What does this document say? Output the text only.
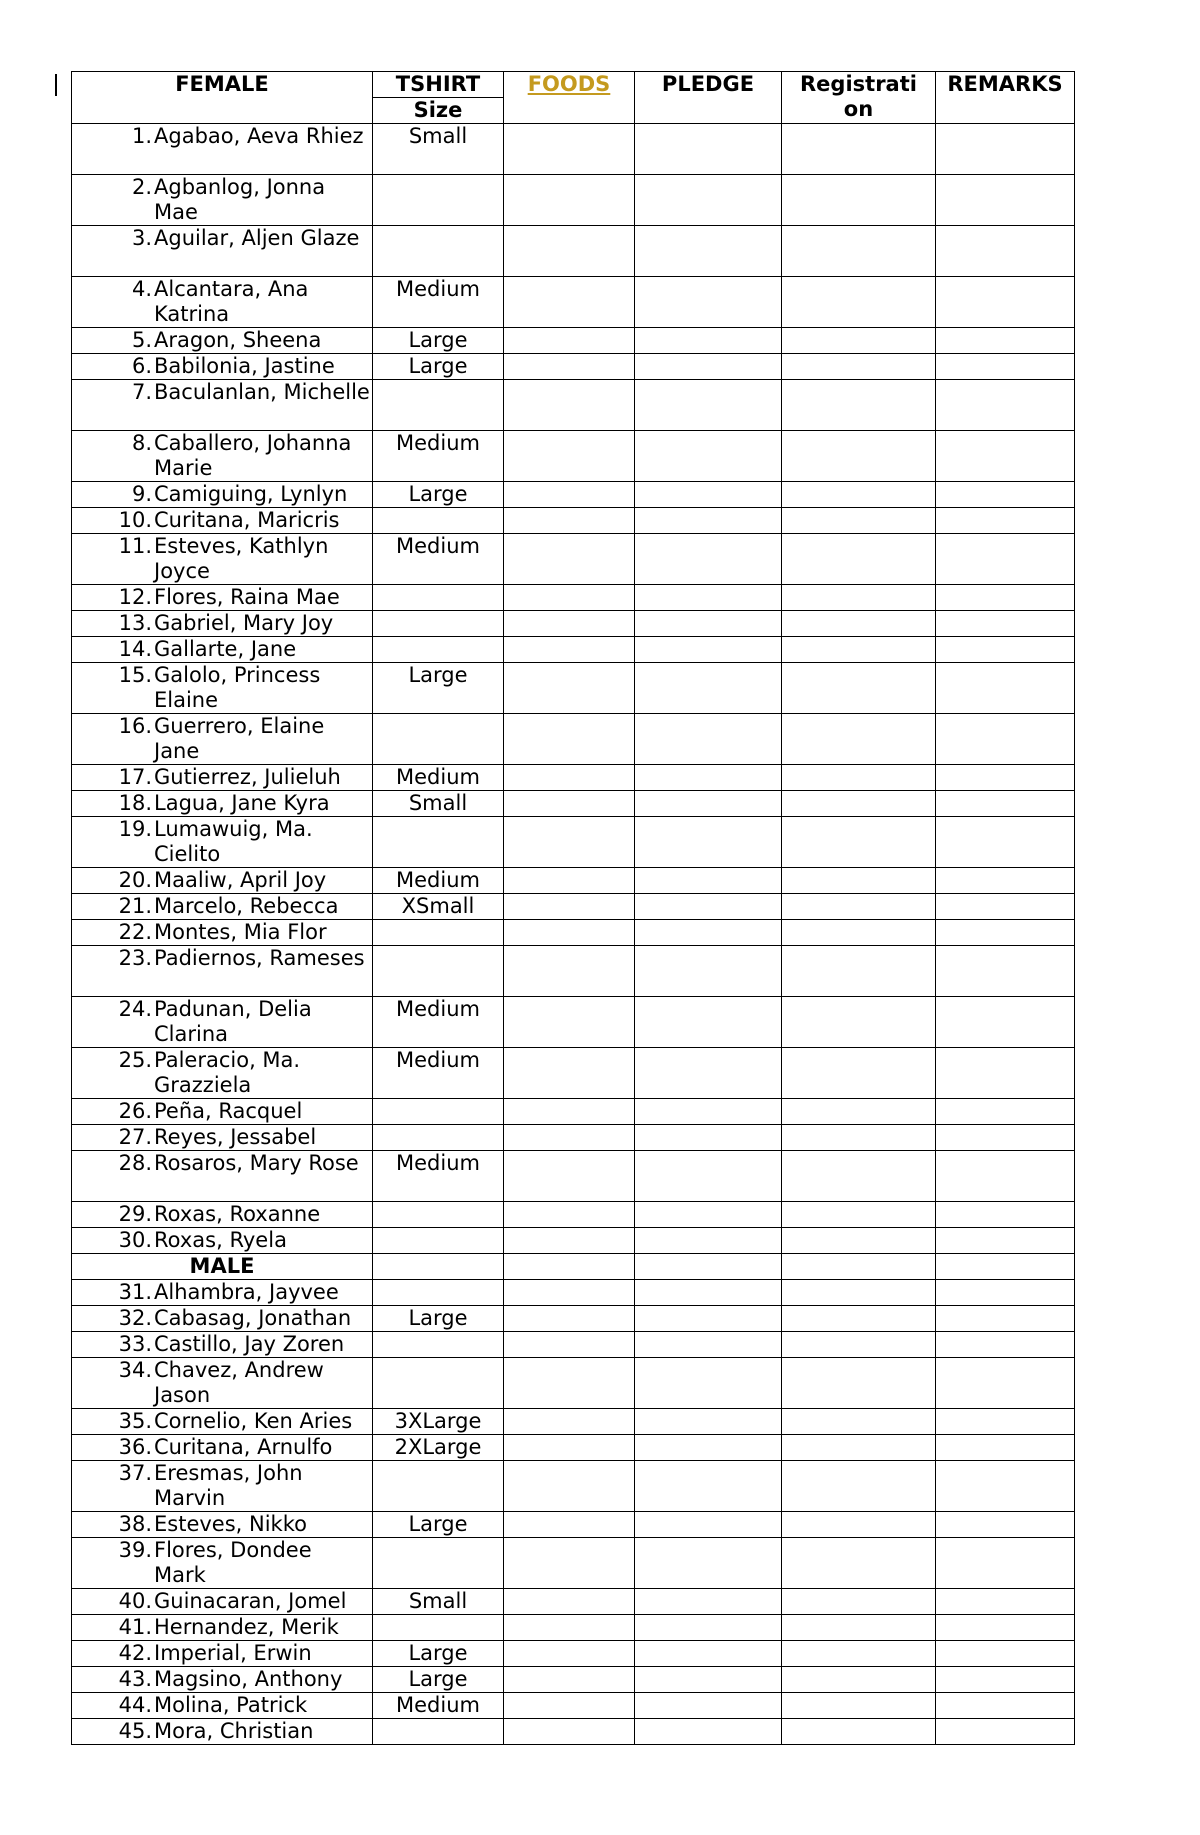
FEMALE	TSHIRT
Size	FOODS	PLEDGE	Registrati on	REMARKS

1. Agabao, Aeva Rhiez	Small				

2. Agbanlog, Jonna Mae					

3. Aguilar, Aljen Glaze					

4. Alcantara, Ana Katrina	Medium				

5. Aragon, Sheena	Large				

6. Babilonia, Jastine	Large				

7. Baculanlan, Michelle					

8. Caballero, Johanna Marie	Medium				

9. Camiguing, Lynlyn	Large				

10. Curitana, Maricris					

11. Esteves, Kathlyn Joyce	Medium				

12. Flores, Raina Mae					

13. Gabriel, Mary Joy					

14. Gallarte, Jane					

15. Galolo, Princess Elaine	Large				

16. Guerrero, Elaine Jane					

17. Gutierrez, Julieluh	Medium				

18. Lagua, Jane Kyra	Small				

19. Lumawuig, Ma. Cielito					

20. Maaliw, April Joy	Medium				

21. Marcelo, Rebecca	XSmall				

22. Montes, Mia Flor					

23. Padiernos, Rameses					

24. Padunan, Delia Clarina	Medium				

25. Paleracio, Ma. Grazziela	Medium				

26. Peña, Racquel					

27. Reyes, Jessabel					

28. Rosaros, Mary Rose	Medium				

29. Roxas, Roxanne					

30. Roxas, Ryela					
MALE					

31. Alhambra, Jayvee					

32. Cabasag, Jonathan	Large				

33. Castillo, Jay Zoren					

34. Chavez, Andrew Jason					

35. Cornelio, Ken Aries	3XLarge				

36. Curitana, Arnulfo	2XLarge				

37. Eresmas, John Marvin					

38. Esteves, Nikko	Large				

39. Flores, Dondee Mark					

40. Guinacaran, Jomel	Small				

41. Hernandez, Merik					

42. Imperial, Erwin	Large				

43. Magsino, Anthony	Large				

44. Molina, Patrick	Medium				

45. Mora, Christian					
